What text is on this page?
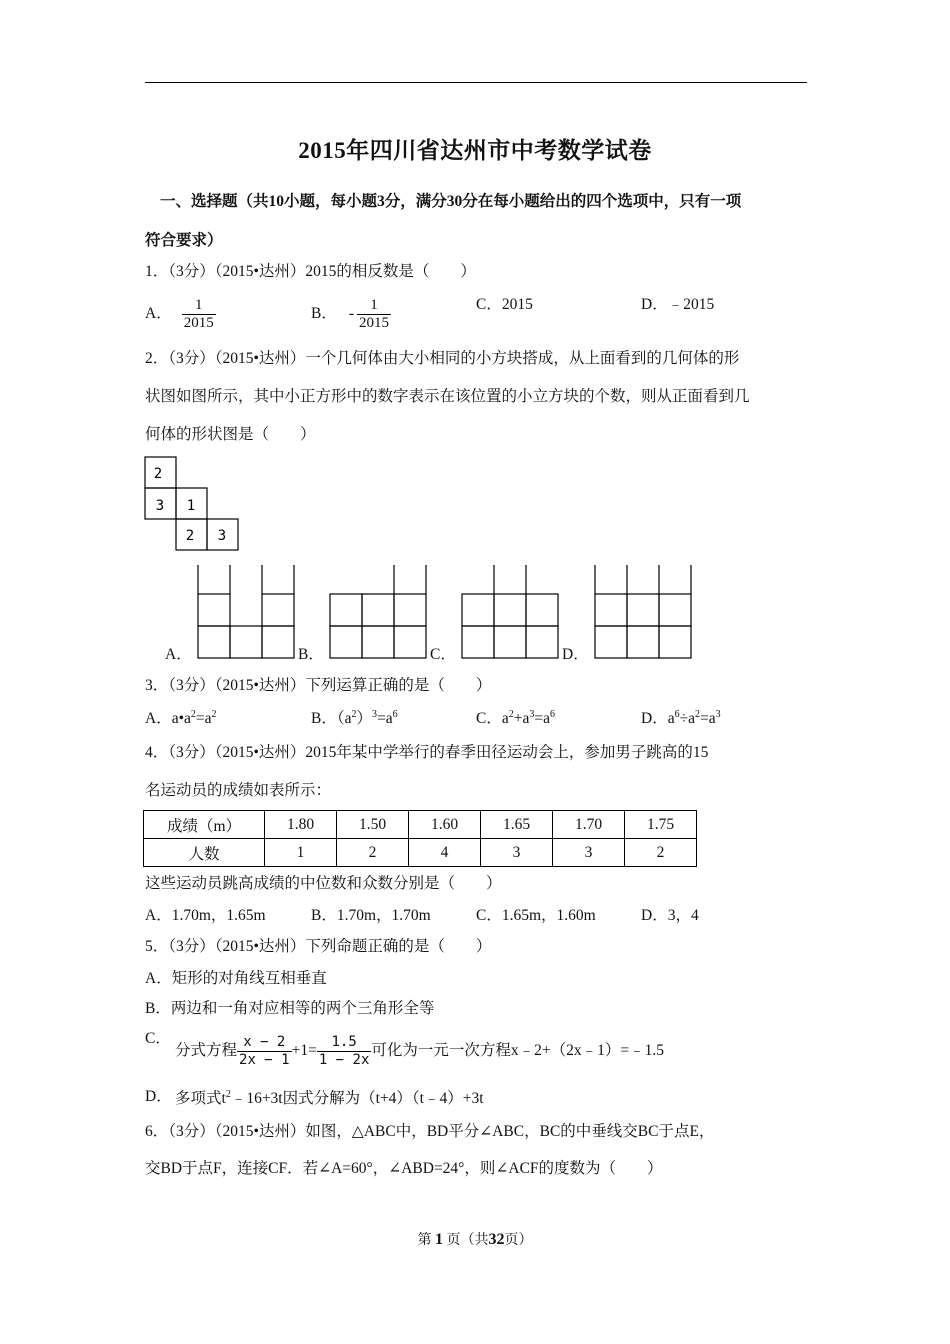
2015年四川省达州市中考数学试卷
一、选择题（共10小题，每小题3分，满分30分在每小题给出的四个选项中，只有一项
符合要求）
1．（3分）（2015•达州）2015的相反数是（　　）
A． $\frac{1}{2015}$	B． - $\frac{1}{2015}$	C．2015	D．﹣2015
2．（3分）（2015•达州）一个几何体由大小相同的小方块搭成，从上面看到的几何体的形
状图如图所示，其中小正方形中的数字表示在该位置的小立方块的个数，则从正面看到几
何体的形状图是（　　）
2
3 1
2 3
A．	B．	C．	D．
3．（3分）（2015•达州）下列运算正确的是（　　）
A．$a•a^2=a^2$	B．$(a^2)^3=a^6$	C．$a^2+a^3=a^6$	D．$a^6\div a^2=a^3$
4．（3分）（2015•达州）2015年某中学举行的春季田径运动会上，参加男子跳高的15
名运动员的成绩如表所示：
成绩（m）	1.80	1.50	1.60	1.65	1.70	1.75
人数	1	2	4	3	3	2
这些运动员跳高成绩的中位数和众数分别是（　　）
A．1.70m，1.65m	B．1.70m，1.70m	C．1.65m，1.60m	D．3，4
5．（3分）（2015•达州）下列命题正确的是（　　）
A．矩形的对角线互相垂直
B．两边和一角对应相等的两个三角形全等
C．
分式方程 $\frac{x - 2}{2x - 1} +1= \frac{1.5}{1 - 2x}$ 可化为一元一次方程x﹣2+（2x﹣1）=﹣1.5
D． 多项式$t^2﹣16+3t$因式分解为（t+4）（t﹣4）+3t
6．（3分）（2015•达州）如图，△ABC中，BD平分∠ABC，BC的中垂线交BC于点E，
交BD于点F，连接CF．若∠A=60°，∠ABD=24°，则∠ACF的度数为（　　）
第 1 页（共32页）
